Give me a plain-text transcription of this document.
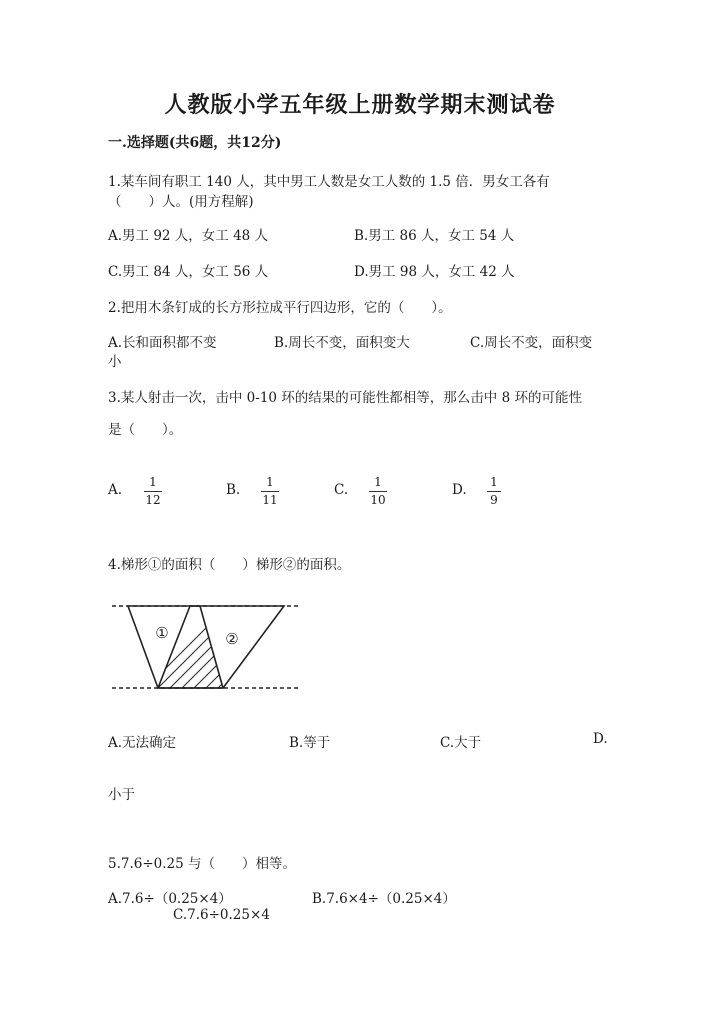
人教版小学五年级上册数学期末测试卷
一.选择题(共6题，共12分)
1.某车间有职工 140 人，其中男工人数是女工人数的 1.5 倍．男女工各有
（　　）人。(用方程解)
A.男工 92 人，女工 48 人	B.男工 86 人，女工 54 人
C.男工 84 人，女工 56 人	D.男工 98 人，女工 42 人
2.把用木条钉成的长方形拉成平行四边形，它的（　　）。
A.长和面积都不变	B.周长不变，面积变大	C.周长不变，面积变
小
3.某人射击一次，击中 0-10 环的结果的可能性都相等，那么击中 8 环的可能性
是（　　）。
A.	1
12
B.	1
11
C.	1
10
D. 1
9
4.梯形①的面积（　　）梯形②的面积。
①	②
A.无法确定	B.等于	C.大于	D.
小于
5.7.6÷0.25 与（　　）相等。
A.7.6÷（0.25×4）	B.7.6×4÷（0.25×4）
C.7.6÷0.25×4
